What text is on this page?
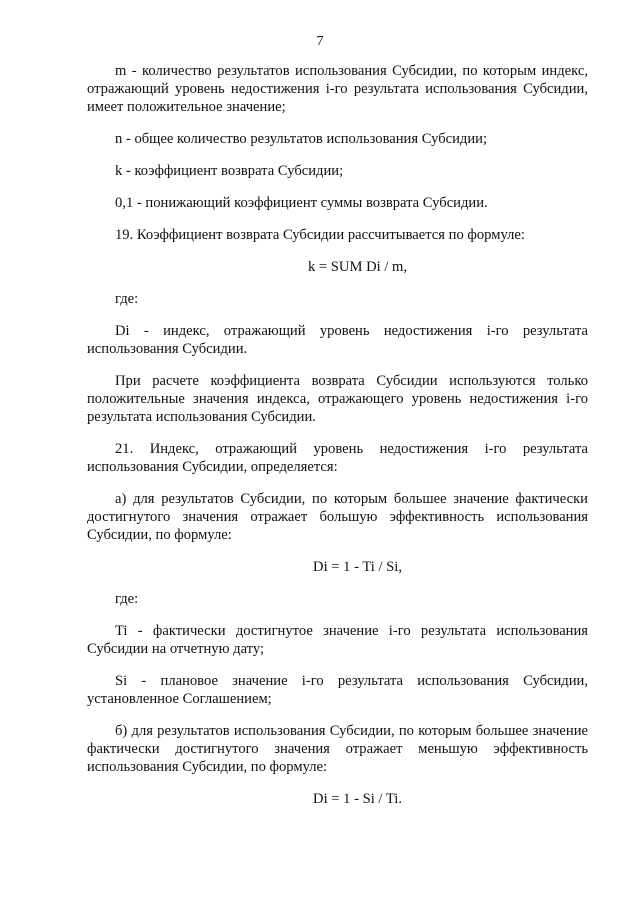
7

m - количество результатов использования Субсидии, по которым индекс, отражающий уровень недостижения i-го результата использования Субсидии, имеет положительное значение;

n - общее количество результатов использования Субсидии;

k - коэффициент возврата Субсидии;

0,1 - понижающий коэффициент суммы возврата Субсидии.

19. Коэффициент возврата Субсидии рассчитывается по формуле:

k = SUM Di / m,

где:

Di - индекс, отражающий уровень недостижения i-го результата использования Субсидии.

При расчете коэффициента возврата Субсидии используются только положительные значения индекса, отражающего уровень недостижения i-го результата использования Субсидии.

21. Индекс, отражающий уровень недостижения i-го результата использования Субсидии, определяется:

а) для результатов Субсидии, по которым большее значение фактически достигнутого значения отражает большую эффективность использования Субсидии, по формуле:

Di = 1 - Ti / Si,

где:

Ti - фактически достигнутое значение i-го результата использования Субсидии на отчетную дату;

Si - плановое значение i-го результата использования Субсидии, установленное Соглашением;

б) для результатов использования Субсидии, по которым большее значение фактически достигнутого значения отражает меньшую эффективность использования Субсидии, по формуле:

Di = 1 - Si / Ti.
